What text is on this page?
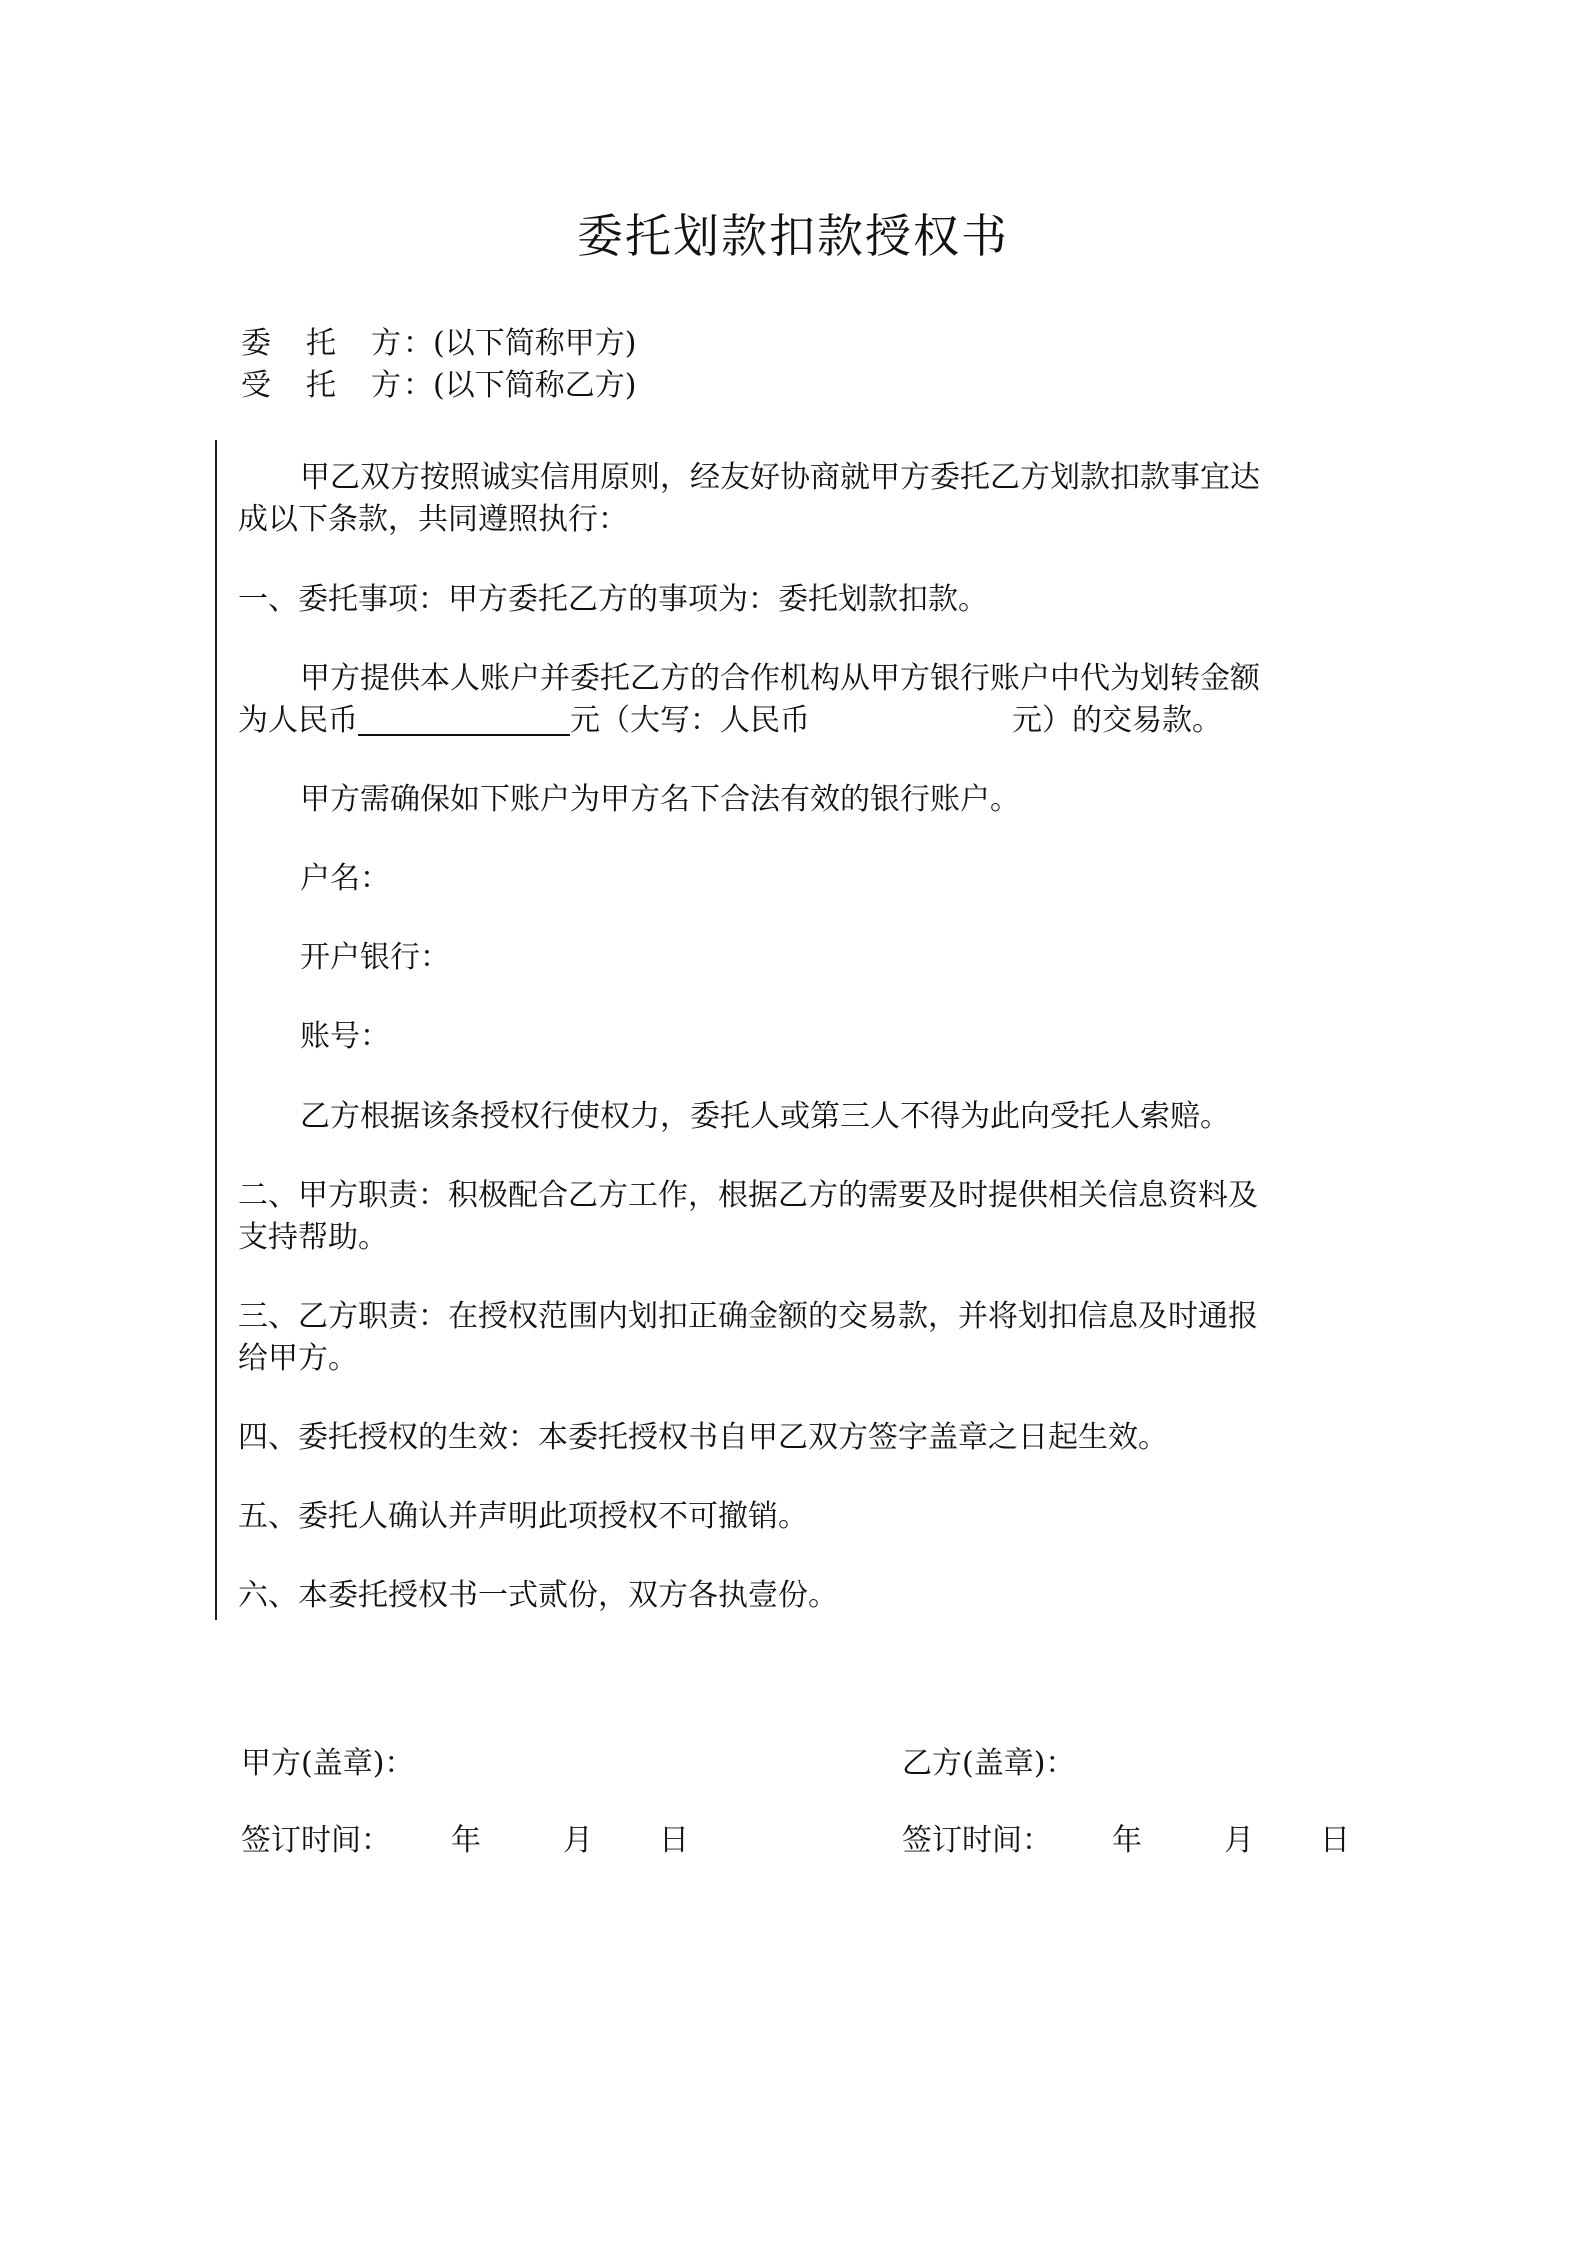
委托划款扣款授权书
委 托 方：(以下简称甲方)
受 托 方：(以下简称乙方)
甲乙双方按照诚实信用原则，经友好协商就甲方委托乙方划款扣款事宜达
成以下条款，共同遵照执行：
一、委托事项：甲方委托乙方的事项为：委托划款扣款。
甲方提供本人账户并委托乙方的合作机构从甲方银行账户中代为划转金额
为人民币	元（大写：人民币	元）的交易款。
甲方需确保如下账户为甲方名下合法有效的银行账户。
户名：
开户银行：
账号：
乙方根据该条授权行使权力，委托人或第三人不得为此向受托人索赔。
二、甲方职责：积极配合乙方工作，根据乙方的需要及时提供相关信息资料及
支持帮助。
三、乙方职责：在授权范围内划扣正确金额的交易款，并将划扣信息及时通报
给甲方。
四、委托授权的生效：本委托授权书自甲乙双方签字盖章之日起生效。
五、委托人确认并声明此项授权不可撤销。
六、本委托授权书一式贰份，双方各执壹份。
甲方(盖章)：	乙方(盖章)：
签订时间： 年	月 日	签订时间： 年	月 日
